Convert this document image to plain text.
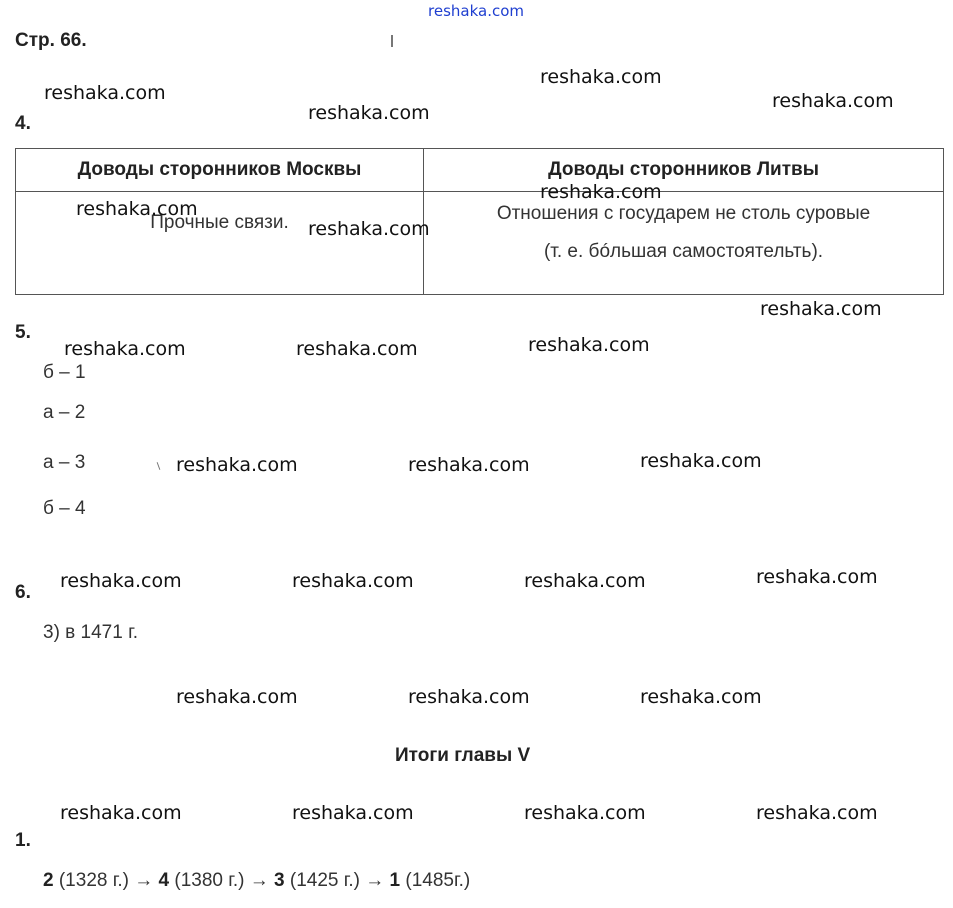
reshaka.com
Стр. 66.
reshaka.com
reshaka.com	reshaka.com
reshaka.com
4.
Доводы сторонников Москвы	Доводы сторонников Литвы
Прочные связи.	Отношения с государем не столь суровые
(т. е. бóльшая самостоятельть).
reshaka.com
reshaka.com
reshaka.com
reshaka.com
5.
reshaka.com
reshaka.com	reshaka.com
б – 1
а – 2
а – 3
б – 4
reshaka.com
reshaka.com	reshaka.com
reshaka.com
reshaka.com	reshaka.com	reshaka.com
6.
3) в 1471 г.
reshaka.com	reshaka.com	reshaka.com
Итоги главы V
reshaka.com	reshaka.com	reshaka.com	reshaka.com
1.
2 (1328 г.) → 4 (1380 г.) → 3 (1425 г.) → 1 (1485г.)
